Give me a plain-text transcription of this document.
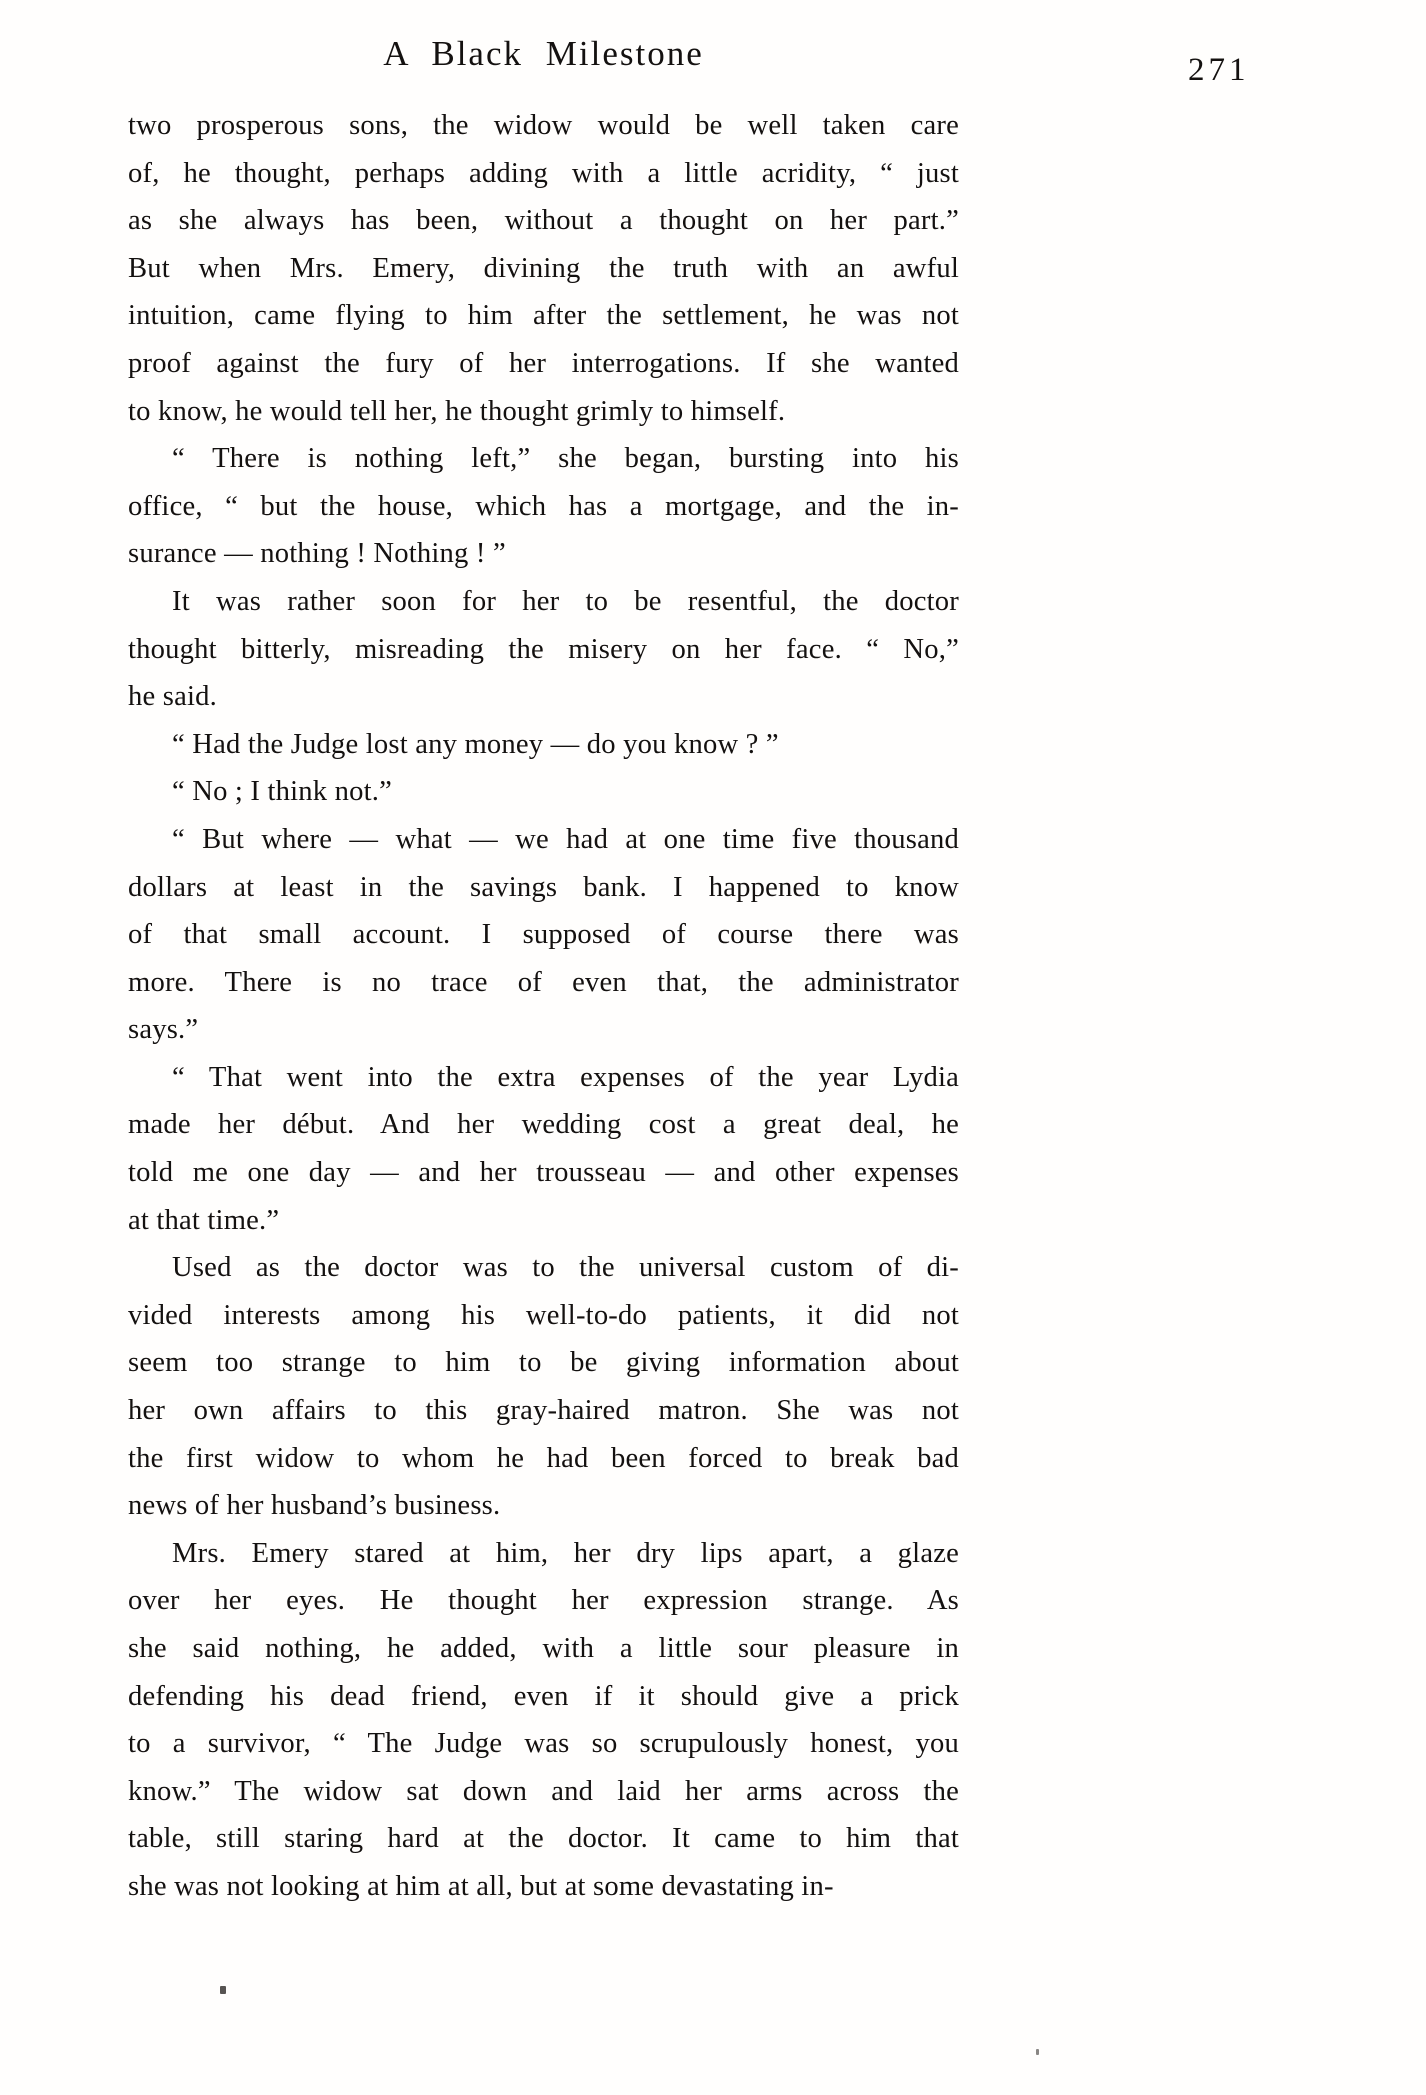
A Black Milestone	271
two prosperous sons, the widow would be well taken care
of, he thought, perhaps adding with a little acridity, “ just
as she always has been, without a thought on her part.”
But when Mrs. Emery, divining the truth with an awful
intuition, came flying to him after the settlement, he was not
proof against the fury of her interrogations. If she wanted
to know, he would tell her, he thought grimly to himself.
“ There is nothing left,” she began, bursting into his
office, “ but the house, which has a mortgage, and the in-
surance — nothing ! Nothing ! ”
It was rather soon for her to be resentful, the doctor
thought bitterly, misreading the misery on her face. “ No,”
he said.
“ Had the Judge lost any money — do you know ? ”
“ No ; I think not.”
“ But where — what — we had at one time five thousand
dollars at least in the savings bank. I happened to know
of that small account. I supposed of course there was
more. There is no trace of even that, the administrator
says.”
“ That went into the extra expenses of the year Lydia
made her début. And her wedding cost a great deal, he
told me one day — and her trousseau — and other expenses
at that time.”
Used as the doctor was to the universal custom of di-
vided interests among his well-to-do patients, it did not
seem too strange to him to be giving information about
her own affairs to this gray-haired matron. She was not
the first widow to whom he had been forced to break bad
news of her husband’s business.
Mrs. Emery stared at him, her dry lips apart, a glaze
over her eyes. He thought her expression strange. As
she said nothing, he added, with a little sour pleasure in
defending his dead friend, even if it should give a prick
to a survivor, “ The Judge was so scrupulously honest, you
know.” The widow sat down and laid her arms across the
table, still staring hard at the doctor. It came to him that
she was not looking at him at all, but at some devastating in-
